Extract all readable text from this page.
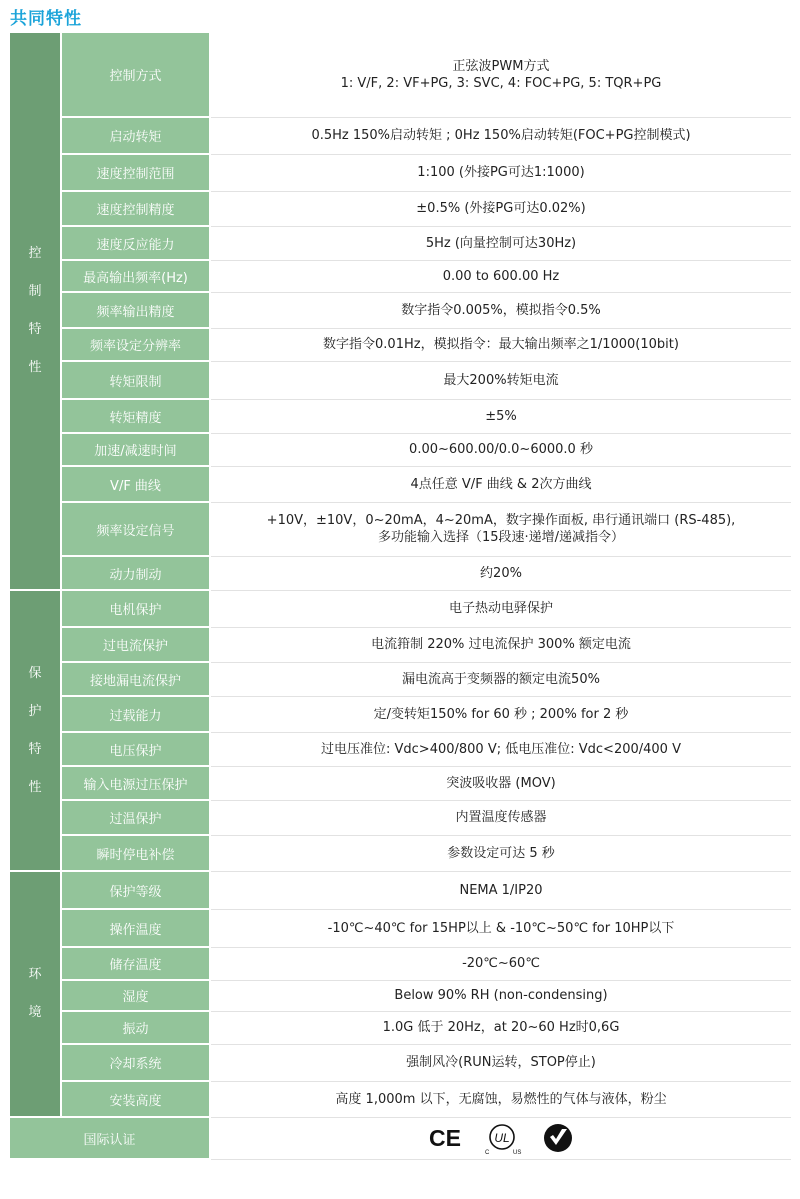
共同特性
控
制
特
性	控制方式	正弦波PWM方式
1: V/F, 2: VF+PG, 3: SVC, 4: FOC+PG, 5: TQR+PG

	启动转矩	0.5Hz 150%启动转矩 ; 0Hz 150%启动转矩(FOC+PG控制模式)

	速度控制范围	1:100 (外接PG可达1:1000)

	速度控制精度	±0.5% (外接PG可达0.02%)

	速度反应能力	5Hz (向量控制可达30Hz)

	最高输出频率(Hz)	0.00 to 600.00 Hz

	频率输出精度	数字指令0.005%，模拟指令0.5%

	频率设定分辨率	数字指令0.01Hz，模拟指令：最大输出频率之1/1000(10bit)

	转矩限制	最大200%转矩电流

	转矩精度	±5%

	加速/减速时间	0.00~600.00/0.0~6000.0 秒

	V/F 曲线	4点任意 V/F 曲线 & 2次方曲线

	频率设定信号	+10V，±10V，0~20mA，4~20mA，数字操作面板, 串行通讯端口 (RS-485),
多功能输入选择（15段速·递增/递减指令）

	动力制动	约20%

保
护
特
性	电机保护	电子热动电驿保护

	过电流保护	电流箝制 220% 过电流保护 300% 额定电流

	接地漏电流保护	漏电流高于变频器的额定电流50%

	过载能力	定/变转矩150% for 60 秒 ; 200% for 2 秒

	电压保护	过电压准位: Vdc>400/800 V; 低电压准位: Vdc<200/400 V

	输入电源过压保护	突波吸收器 (MOV)

	过温保护	内置温度传感器

	瞬时停电补偿	参数设定可达 5 秒

环
境	保护等级	NEMA 1/IP20

	操作温度	-10℃~40℃ for 15HP以上 & -10℃~50℃ for 10HP以下

	储存温度	-20℃~60℃

	湿度	Below 90% RH (non-condensing)

	振动	1.0G 低于 20Hz，at 20~60 Hz时0,6G

	冷却系统	强制风冷(RUN运转，STOP停止)

	安装高度	高度 1,000m 以下，无腐蚀，易燃性的气体与液体，粉尘

国际认证		CE UL
C US
